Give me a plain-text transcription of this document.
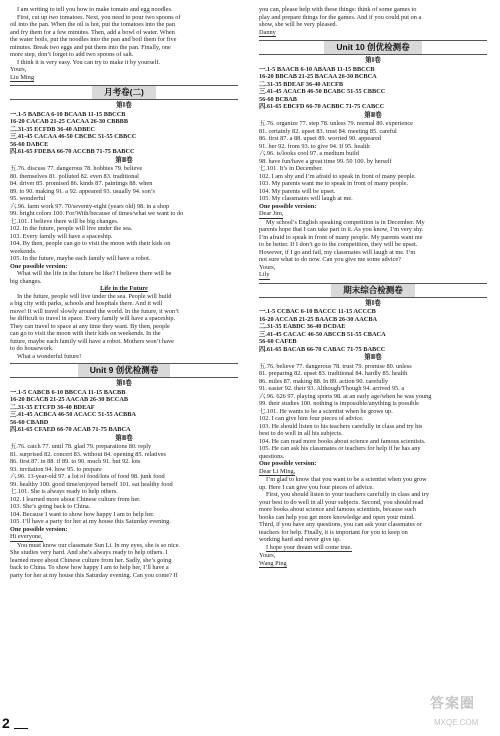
I am writing to tell you how to make tomato and egg noodles.
First, cut up two tomatoes. Next, you need to pour two spoons of
oil into the pan. When the oil is hot, put the tomatoes into the pan
and fry them for a few minutes. Then, add a bowl of water. When
the water boils, put the noodles into the pan and boil them for five
minutes. Break two eggs and put them into the pan. Finally, one
more step, don’t forget to add two spoons of salt.
I think it is very easy. You can try to make it by yourself.
Yours,
Liu Ming
月考卷(二)
第Ⅰ卷
一.1-5 BABCA 6-10 BCAAB 11-15 BBCCB
16-20 CACAB 21-25 CACAA 26-30 CBBBB
二.31-35 ECFDB 36-40 ADBEC
三.41-45 CACAA 46-50 CBCBC 51-55 CBBCC
56-60 DABCE
四.61-65 FDEBA 66-70 ACCBB 71-75 BABCC
第Ⅱ卷
五.76. discuss 77. dangerous 78. hobbies 79. believe
80. themselves 81. polluted 82. even 83. traditional
84. driver 85. promised 86. kinds 87. paintings 88. when
89. to 90. making 91. a 92. appeared 93. usually 94. son’s
95. wonderful
六.96. farm work 97. 70/seventy-eight (years old) 98. in a shop
99. bright colors 100. For/With/because of times/what we want to do
七.101. I believe there will be big changes.
102. In the future, people will live under the sea.
103. Every family will have a spaceship.
104. By then, people can go to visit the moon with their kids on
weekends.
105. In the future, maybe each family will have a robot.
One possible version:
What will the life in the future be like? I believe there will be
big changes.
Life in the Future
In the future, people will live under the sea. People will build
a big city with parks, schools and hospitals there. And it will
move! It will travel slowly around the world. In the future, it won’t
be difficult to travel in space. Every family will have a spaceship.
They can travel to space at any time they want. By then, people
can go to visit the moon with their kids on weekends. In the
future, maybe each family will have a robot. Mothers won’t have
to do housework.
What a wonderful future!
Unit 9 创优检测卷
第Ⅰ卷
一.1-5 CABCB 6-10 BBCCA 11-15 BACBB
16-20 BCACB 21-25 AACAB 26-30 BCCAB
二.31-35 ETCFD 36-40 BDEAF
三.41-45 ACBCA 46-50 ACACC 51-55 ACBBA
56-60 CBABD
四.61-65 CFAED 66-70 ACAB 71-75 BABCA
第Ⅱ卷
五.76. catch 77. until 78. glad 79. preparations 80. reply
81. surprised 82. concert 83. without 84. opening 85. relatives
86. first 87. in 88. if 89. to 90. much 91. but 92. lots
93. invitation 94. how 95. to prepare
六.96. 13-year-old 97. a lot of food/lots of food 98. junk food
99. healthy 100. good time/enjoyed herself 101. eat healthy food
七.101. She is always ready to help others.
102. I learned more about Chinese culture from her.
103. She’s going back to China.
104. Because I want to show how happy I am to help her.
105. I’ll have a party for her at my house this Saturday evening.
One possible version:
Hi everyone,
You must know our classmate Sun Li. In my eyes, she is so nice.
She studies very hard. And she’s always ready to help others. I
learned more about Chinese culture from her. Sadly, she’s going
back to China. To show how happy I am to help her, I’ll have a
party for her at my house this Saturday evening. Can you come? If
you can, please help with these things: think of some games to
play and prepare things for the games. And if you could put on a
show, she will be very pleased.
Danny
Unit 10 创优检测卷
第Ⅰ卷
一.1-5 BAACB 6-10 ABAAB 11-15 BBCCB
16-20 BBCAB 21-25 BACAA 26-30 BCBCA
二.31-35 BDEAF 36-40 AECFB
三.41-45 ACACB 46-50 BCABC 51-55 CBBCC
56-60 BCBAB
四.61-65 EBCFD 66-70 ACBBC 71-75 CABCC
第Ⅱ卷
五.76. organize 77. step 78. unless 79. normal 80. experience
81. certainly 82. upset 83. trust 84. meeting 85. careful
86. first 87. a 88. upset 89. worried 90. appeared
91. her 92. from 93. to give 94. If 95. health
六.96. is/looks cool 97. a medium build
98. have fun/have a great time 99. 50 100. by herself
七.101. It’s in December.
102. I am shy and I’m afraid to speak in front of many people.
103. My parents want me to speak in front of many people.
104. My parents will be upset.
105. My classmates will laugh at me.
One possible version:
Dear Jim,
My school’s English speaking competition is in December. My
parents hope that I can take part in it. As you know, I’m very shy.
I’m afraid to speak in front of many people. My parents want me
to be better. If I don’t go to the competition, they will be upset.
However, if I go and fail, my classmates will laugh at me. I’m
not sure what to do now. Can you give me some advice?
Yours,
Lily
期末综合检测卷
第Ⅰ卷
一.1-5 CCBAC 6-10 BACCC 11-15 ACCCB
16-20 ACCAB 21-25 BAACB 26-30 AACBA
二.31-35 EABDC 36-40 DCDAE
三.41-45 CACAC 46-50 ABCCB 51-55 CBACA
56-60 CAFEB
四.61-65 BACAB 66-70 CABAC 71-75 BABCC
第Ⅱ卷
五.76. believe 77. dangerous 78. trust 79. promise 80. unless
81. preparing 82. upset 83. traditional 84. hardly 85. health
86. miles 87. making 88. In 89. action 90. carefully
91. easier 92. their 93. Although/Though 94. arrived 95. a
六.96. 626 97. playing sports 98. at an early age/when he was young
99. their studies 100. nothing is impossible/anything is possible
七.101. He wants to be a scientist when he grows up.
102. I can give him four pieces of advice.
103. He should listen to his teachers carefully in class and try his
best to do well in all his subjects.
104. He can read more books about science and famous scientists.
105. He can ask his classmates or teachers for help if he has any
questions.
One possible version:
Dear Li Ming,
I’m glad to know that you want to be a scientist when you grow
up. Here I can give you four pieces of advice.
First, you should listen to your teachers carefully in class and try
your best to do well in all your subjects. Second, you should read
more books about science and famous scientists, because such
books can help you get more knowledge and open your mind.
Third, if you have any questions, you can ask your classmates or
teachers for help. Finally, it is important for you to keep on
working hard and never give up.
I hope your dream will come true.
Yours,
Wang Ping
2
答案圈
MXQE.COM
